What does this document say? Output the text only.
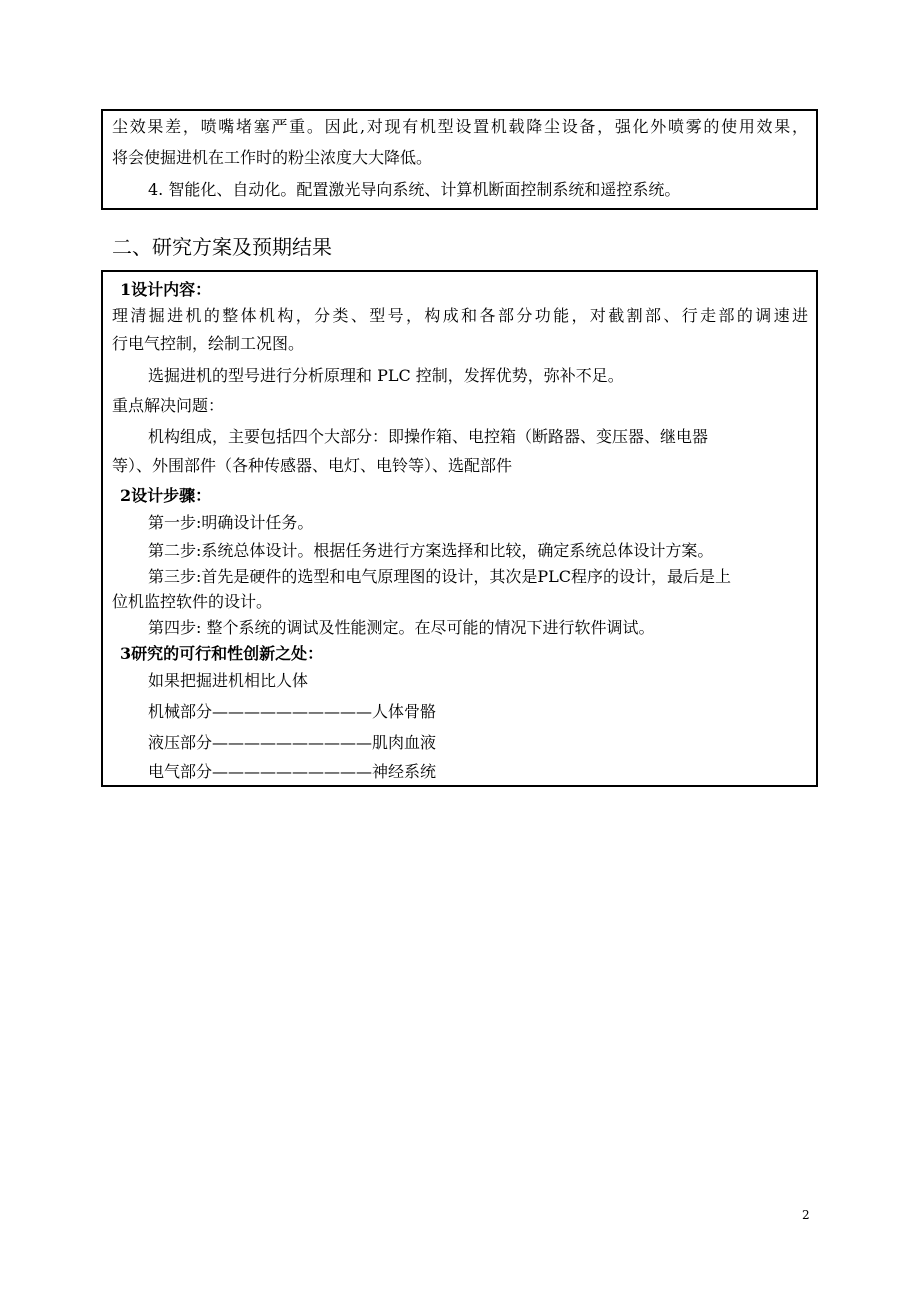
尘效果差，喷嘴堵塞严重。因此,对现有机型设置机载降尘设备，强化外喷雾的使用效果，
将会使掘进机在工作时的粉尘浓度大大降低。
4. 智能化、自动化。配置激光导向系统、计算机断面控制系统和遥控系统。
二、研究方案及预期结果
1设计内容：
理清掘进机的整体机构，分类、型号，构成和各部分功能，对截割部、行走部的调速进
行电气控制，绘制工况图。
选掘进机的型号进行分析原理和 PLC 控制，发挥优势，弥补不足。
重点解决问题：
机构组成，主要包括四个大部分：即操作箱、电控箱（断路器、变压器、继电器
等）、外围部件（各种传感器、电灯、电铃等）、选配部件
2设计步骤：
第一步:明确设计任务。
第二步:系统总体设计。根据任务进行方案选择和比较，确定系统总体设计方案。
第三步:首先是硬件的选型和电气原理图的设计，其次是PLC程序的设计，最后是上
位机监控软件的设计。
第四步: 整个系统的调试及性能测定。在尽可能的情况下进行软件调试。
3研究的可行和性创新之处：
如果把掘进机相比人体
机械部分——————————人体骨骼
液压部分——————————肌肉血液
电气部分——————————神经系统
2
